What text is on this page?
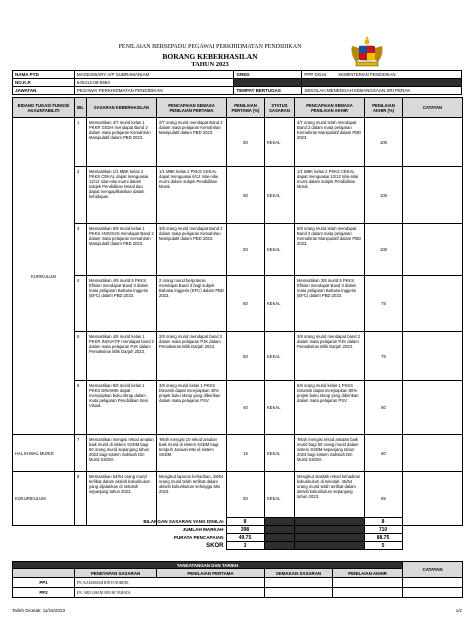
PENILAIAN BERSEPADU PEGAWAI PERKHIDMATAN PENDIDIKAN
BORANG KEBERHASILAN
TAHUN 2023
KEMENTERIAN PENDIDIKAN
NAMA PYD	MAGESWARY A/P SUBRAMANIAM	GRED	PPP DG44
NO.K.P.	840412-08-5584		
JAWATAN	PEGAWAI PERKHIDMATAN PENDIDIKAN	TEMPAT BERTUGAS	SEKOLAH MENENGAH KEBANGSAAN SRI PERAK
BIDANG TUGAS/ FUNGSI/ AKAUNTABILITI	BIL	SASARAN KEBERHASILAN	PENCAPAIAN SEMASA PENILAIAN PERTAMA	PENILAIAN PERTAMA (%)	STATUS SASARAN	PENCAPAIAN SEMASA PENILAIAN AKHIR	PENILAIAN AKHIR (%)	CATATAN
KURIKULUM	1	Memastikan 4/7 murid kelas 1 PKKR GIGIH mendapat Band 2 dalam mata pelajaran Kemahiran Manipulatif dalam PBD 2023.	2/7 orang murid mendapat Band 2 dalam mata pelajaran Kemahiran Manipulatif dalam PBD 2023.	50	KEKAL	4/7 orang murid telah mendapat Band 2 dalam mata pelajaran Kemahiran Manipulatif dalam PBD 2023.	100	
	2	Memastikan 1/1 MBK kelas 2 PKKS CEKAL dapat menguasai 12/12 nilai-nilai murni dalam subjek Pendidikan Moral dan dapat mengaplikasikan dalam kehidupan.	1/1 MBK kelas 2 PKKS CEKAL dapat menguasai 6/12 nilai-nilai murni dalam subjek Pendidikan Moral.	50	KEKAL	1/1 MBK kelas 2 PKKS CEKAL dapat menguasai 12/12 nilai-nilai murni dalam subjek Pendidikan Moral.	100	
	3	Memastikan 6/8 murid kelas 1 PKKS ANGGUN mendapat Band 2 dalam mata pelajaran Kemahiran Manipulatif dalam PBD 2023.	3/8 orang murid mendapat Band 2 dalam mata pelajaran Kemahiran Manipulatif dalam PBD 2023.	50	KEKAL	6/8 orang murid telah mendapat Band 2 dalam mata pelajaran Kemahiran Manipulatif dalam PBD 2023.	100	
	4	Memastikan 4/8 murid 5 PKKS Efisien mendapat Band 3 dalam mata pelajaran Bahasa Inggeris (EFC) dalam PBD 2023.	2 orang murid berpotensi mendapat Band 3 bagi subjek Bahasa Inggeris (EFC) dalam PBD 2023.	50	KEKAL	Memastikan 3/8 murid 5 PKKS Efisien mendapat Band 3 dalam mata pelajaran Bahasa Inggeris (EFC) dalam PBD 2023.	75	
	5	Memastikan 4/8 murid kelas 1 PKKR INOVATIF mendapat band 2 dalam mata pelajaran PJK dalam Pentaksiran Bilik Darjah 2023.	2/8 orang murid mendapat band 2 dalam mata pelajaran PJK dalam Pentaksiran Bilik Darjah 2023.	50	KEKAL	3/8 orang murid mendapat band 2 dalam mata pelajaran PJK dalam Pentaksiran Bilik Darjah 2023.	75	
	6	Memastikan 8/8 murid kelas 1 PKKS DINAMIK dapat menyiapkan buku skrap dalam mata pelajaran Pendidikan Seni Visual.	3/8 orang murid kelas 1 PKKS Dinamik dapat menyiapkan 40% projek buku skrap yang diberikan dalam mata pelajaran PSV.	40	KEKAL	6/8 orang murid kelas 1 PKKS Dinamik dapat menyiapkan 80% projek buku skrap yang diberikan dalam mata pelajaran PSV.	80	
HAL EHWAL MURID	7	Memastikan mengisi rekod amalan baik murid di sistem SSDM bagi 60 orang murid sepanjang tahun 2023 bagi sistem Sahsiah Diri Murid SSDM.	Telah mengisi 10 rekod amalan baik murid di sistem SSDM bagi tempoh Januari-Mei di sistem SSDM.	15	KEKAL	Telah mengisi rekod amalan baik murid bagi 50 orang murid dalam sistem SSDM sepanjang tahun 2023 bagi sistem Sahsiah Diri Murid SSDM.	80	
KOKURIKULUM	8	Memastikan 54/54 orang murid terlibat dalam aktiviti kokurikulum yang dijalankan di sekolah sepanjang tahun 2023.	Mengikut laporan kehadiran, 28/54 orang murid telah terlibat dalam aktiviti kokurikulum sehingga Mei 2023.	50	KEKAL	Mengikut statistik rekod kehadiran kokurikulum di sekolah, 46/54 orang murid telah terlibat dalam aktiviti kokurikulum sepanjang tahun 2023.	85	
BILANGAN SASARAN YANG DINILAI	8			8	
JUMLAH MARKAH	398			710	
PURATA PENCAPAIAN	49.75			88.75	
SKOR	3			5	
TANDATANGAN DAN TARIKH					CATATAN
	PENETAPAN SASARAN	PENILAIAN PERTAMA	SEMAKAN SASARAN	PENILAIAN AKHIR	
PP1	PN. KAMARIAH BINTI NORDIN				
PP2	EN. ABD GHANI BIN HJ TAHAYA				
Tarikh Dicetak: 11/15/2023	1/2
